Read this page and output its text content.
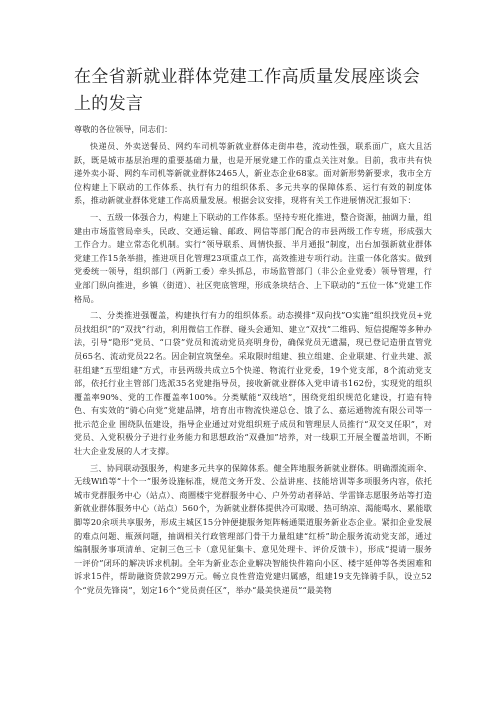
在全省新就业群体党建工作高质量发展座谈会上的发言

尊敬的各位领导，同志们：

快递员、外卖送餐员、网约车司机等新就业群体走街串巷，流动性强，联系面广，底大且活跃，既是城市基层治理的重要基础力量，也是开展党建工作的重点关注对象。目前，我市共有快递外卖小哥、网约车司机等新就业群体2465人，新业态企业68家。面对新形势新要求，我市全方位构建上下联动的工作体系、执行有力的组织体系、多元共享的保障体系、运行有效的制度体系，推动新就业群体党建工作高质量发展。根据会议安排，现将有关工作进展情况汇报如下：

一、五级一体强合力，构建上下联动的工作体系。坚持专班化推进，整合资源，抽调力量，组建由市场监管局牵头，民政、交通运输、邮政、网信等部门配合的市县两级工作专班，形成强大工作合力。建立常态化机制。实行“领导联系、周情快报、半月通报”制度，出台加强新就业群体党建工作15条举措，推进项目化管理23项重点工作，高效推进专项行动。注重一体化落实。做到党委统一领导，组织部门（两新工委）牵头抓总，市场监管部门（非公企业党委）领导管理，行业部门纵向推进，乡镇（街道）、社区兜底管理，形成条块结合、上下联动的“五位一体”党建工作格局。

二、分类推进强覆盖，构建执行有力的组织体系。动态摸排“双向找”O实施“组织找党员+党员找组织”的“双找”行动，利用微信工作群、碰头会通知、建立“双找”二维码、短信提醒等多种办法，引导“隐形”党员、“口袋”党员和流动党员亮明身份，确保党员无遗漏，现已登记造册直管党员65名、流动党员22名。因企制宜筑堡垒。采取限时组建、独立组建、企业联建、行业共建、派驻组建“五型组建”方式，市县两级共成立5个快递、物流行业党委，19个党支部，8个流动党支部，依托行业主管部门选派35名党建指导员，接收新就业群体入党申请书162份，实现党的组织覆盖率90%、党的工作覆盖率100%。分类赋能“双线培”，围绕党组织规范化建设，打造有特色、有实效的“骑心向党”党建品牌，培育出市物流快递总仓、饿了么、嘉运通物流有限公司等一批示范企业 围绕队伍建设，指导企业通过对党组织班子成员和管理层人员推行“双交叉任职”，对党员、入党积极分子进行业务能力和思想政治“双叠加”培养，对一线职工开展全覆盖培训，不断壮大企业发展的人才支撑。

三、协同联动强服务，构建多元共享的保障体系。健全阵地服务新就业群体。明确漂流雨伞、无线Wifi等“十个一”服务设施标准，规范文务开发、公益讲座、技能培训等多项服务内容，依托城市党群服务中心（站点）、商圈楼宇党群服务中心、户外劳动者驿站、学雷锋志愿服务站等打造新就业群体服务中心（站点）560个，为新就业群体提供冷可取暖、热可纳凉、渴能喝水、累能歇脚等20余项共享服务，形成主城区15分钟便捷服务矩阵畅通渠道服务新业态企业。紧扣企业发展的难点问题、瓶颈问题，抽调相关行政管理部门骨干力量组建“红桥”助企服务流动党支部，通过编制服务事项清单、定制三色三卡（意见征集卡、意见处理卡、评价反馈卡），形成“提请一服务一评价”闭环的解决诉求机制。全年为新业态企业解决智能快件箱向小区、楼宇延伸等各类困难和诉求15件，帮助融资贷款299万元。畅立良性营造党建归属感，组建19支先锋骑手队，设立52个“党员先锋岗”，划定16个“党员责任区”，举办“最美快递员”“最美物
